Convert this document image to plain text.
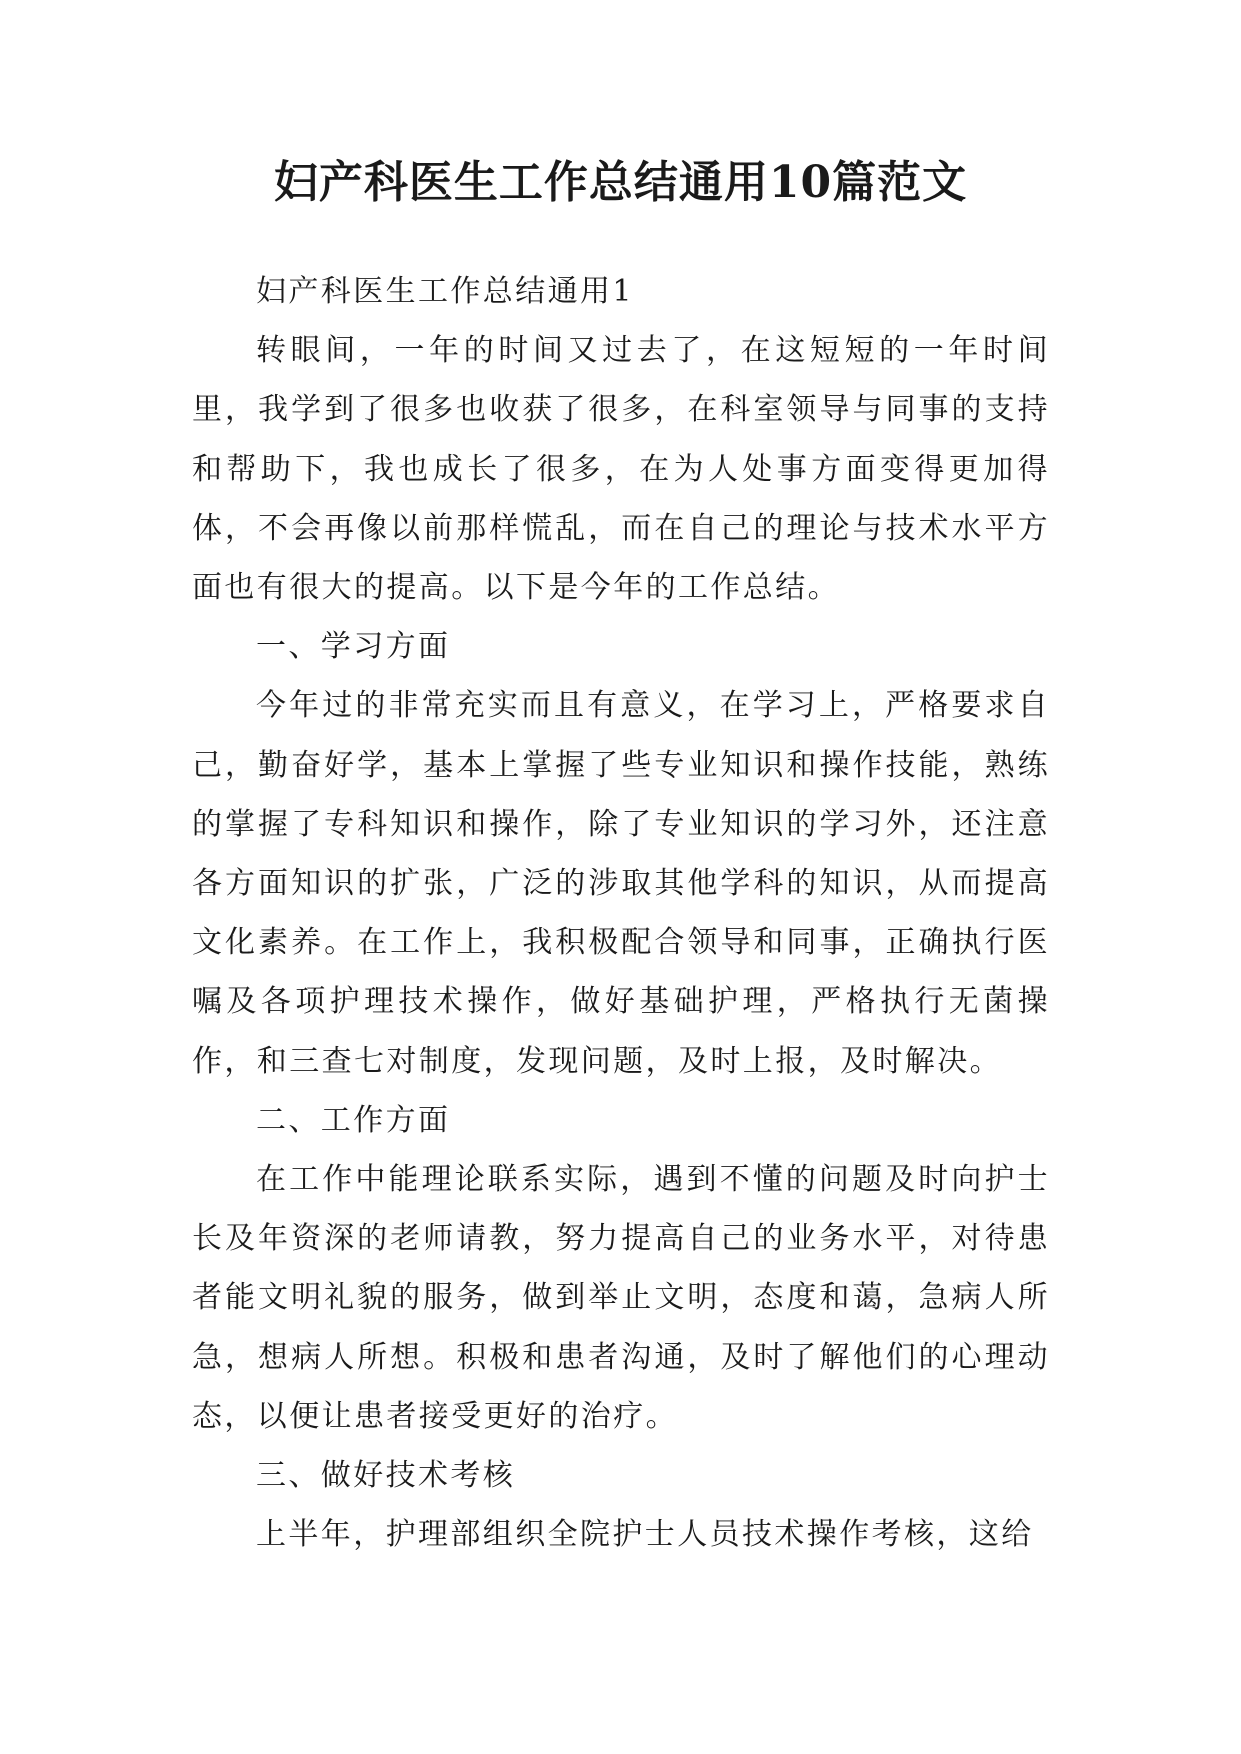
妇产科医生工作总结通用10篇范文

妇产科医生工作总结通用1

转眼间，一年的时间又过去了，在这短短的一年时间里，我学到了很多也收获了很多，在科室领导与同事的支持和帮助下，我也成长了很多，在为人处事方面变得更加得体，不会再像以前那样慌乱，而在自己的理论与技术水平方面也有很大的提高。以下是今年的工作总结。

一、学习方面

今年过的非常充实而且有意义，在学习上，严格要求自己，勤奋好学，基本上掌握了些专业知识和操作技能，熟练的掌握了专科知识和操作，除了专业知识的学习外，还注意各方面知识的扩张，广泛的涉取其他学科的知识，从而提高文化素养。在工作上，我积极配合领导和同事，正确执行医嘱及各项护理技术操作，做好基础护理，严格执行无菌操作，和三查七对制度，发现问题，及时上报，及时解决。

二、工作方面

在工作中能理论联系实际，遇到不懂的问题及时向护士长及年资深的老师请教，努力提高自己的业务水平，对待患者能文明礼貌的服务，做到举止文明，态度和蔼，急病人所急，想病人所想。积极和患者沟通，及时了解他们的心理动态，以便让患者接受更好的治疗。

三、做好技术考核

上半年，护理部组织全院护士人员技术操作考核，这给
